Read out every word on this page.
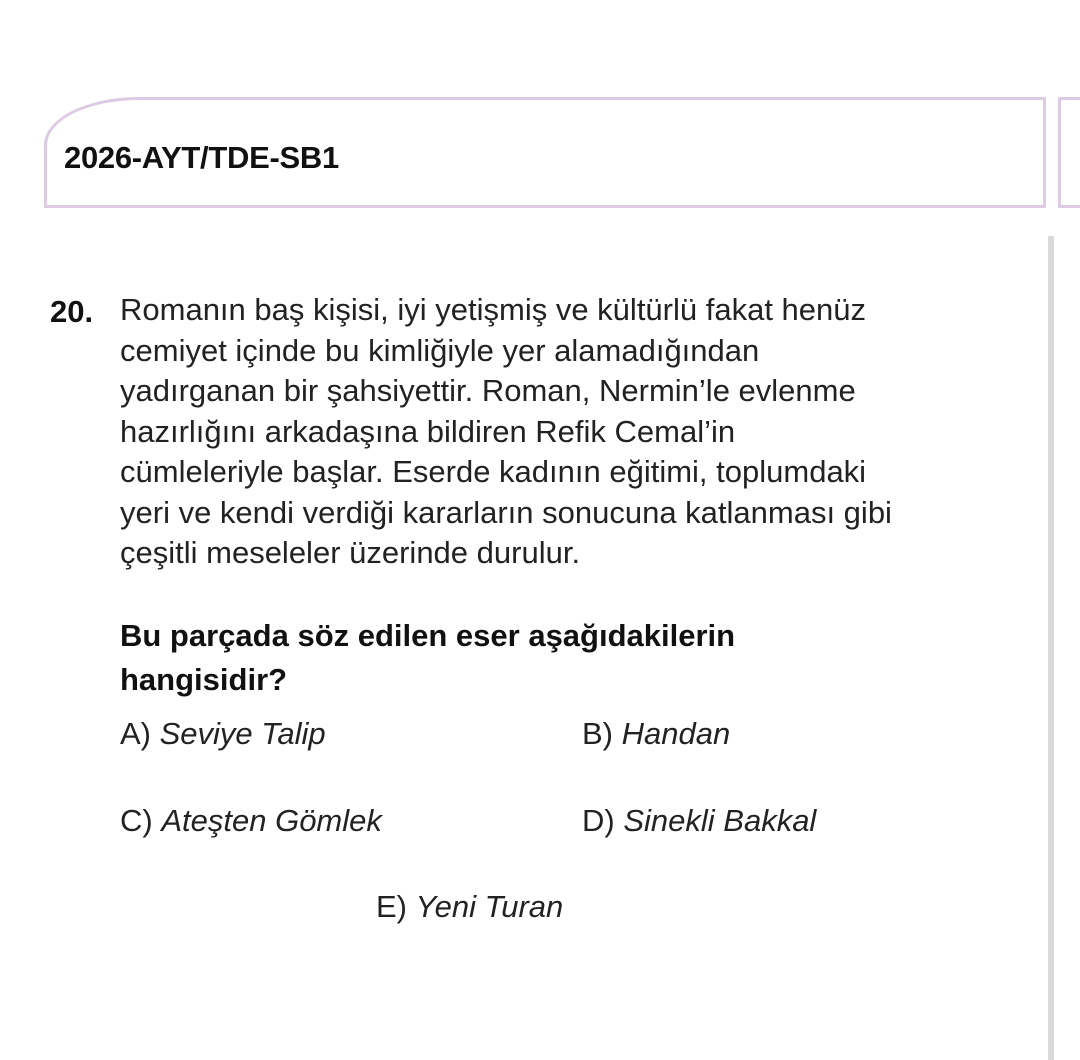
2026-AYT/TDE-SB1
20. Romanın baş kişisi, iyi yetişmiş ve kültürlü fakat henüz
cemiyet içinde bu kimliğiyle yer alamadığından
yadırganan bir şahsiyettir. Roman, Nermin’le evlenme
hazırlığını arkadaşına bildiren Refik Cemal’in
cümleleriyle başlar. Eserde kadının eğitimi, toplumdaki
yeri ve kendi verdiği kararların sonucuna katlanması gibi
çeşitli meseleler üzerinde durulur.

Bu parçada söz edilen eser aşağıdakilerin
hangisidir?

A) Seviye Talip	B) Handan
C) Ateşten Gömlek	D) Sinekli Bakkal
E) Yeni Turan
